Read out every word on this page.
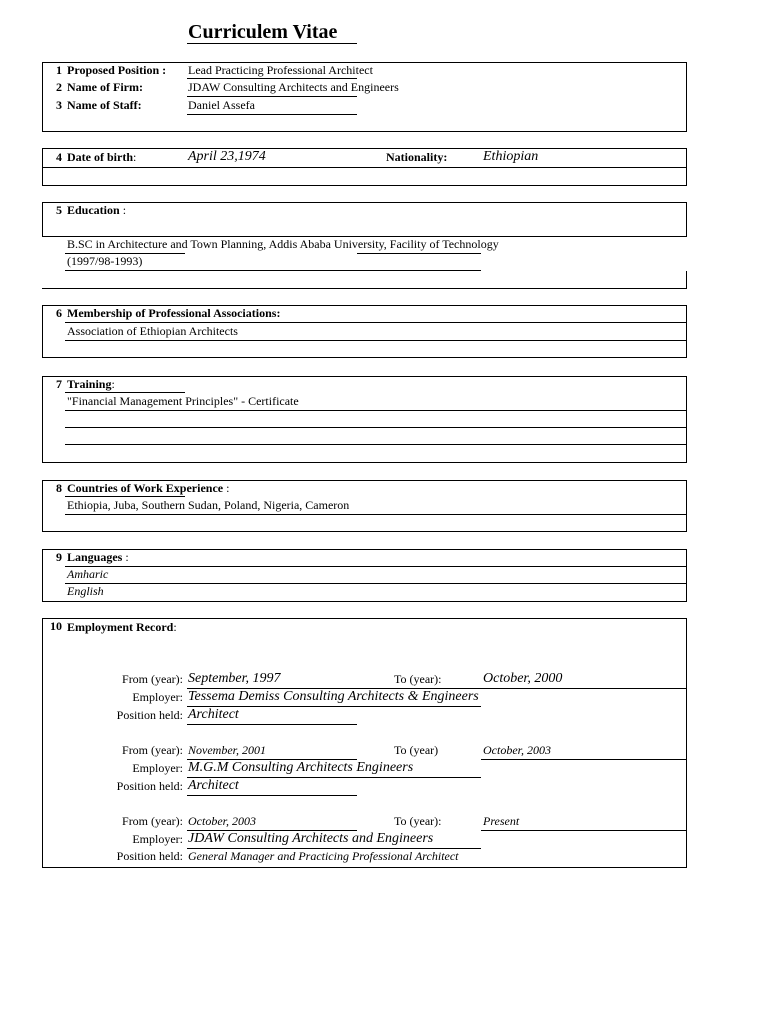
Curriculem Vitae
1 Proposed Position : Lead Practicing Professional Architect
2 Name of Firm:	JDAW Consulting Architects and Engineers
3 Name of Staff:	Daniel Assefa
4 Date of birth:	April 23,1974	Nationality:	Ethiopian
5 Education :
B.SC in Architecture and Town Planning, Addis Ababa University, Facility of Technology
(1997/98-1993)
6 Membership of Professional Associations:
Association of Ethiopian Architects
7 Training:
"Financial Management Principles" - Certificate
8 Countries of Work Experience :
Ethiopia, Juba, Southern Sudan, Poland, Nigeria, Cameron
9 Languages :
Amharic
English
10 Employment Record:
From (year): September, 1997	To (year):	October, 2000
Employer: Tessema Demiss Consulting Architects & Engineers
Position held: Architect
From (year): November, 2001	To (year)	October, 2003
Employer: M.G.M Consulting Architects Engineers
Position held: Architect
From (year): October, 2003	To (year):	Present
Employer: JDAW Consulting Architects and Engineers
Position held: General Manager and Practicing Professional Architect
